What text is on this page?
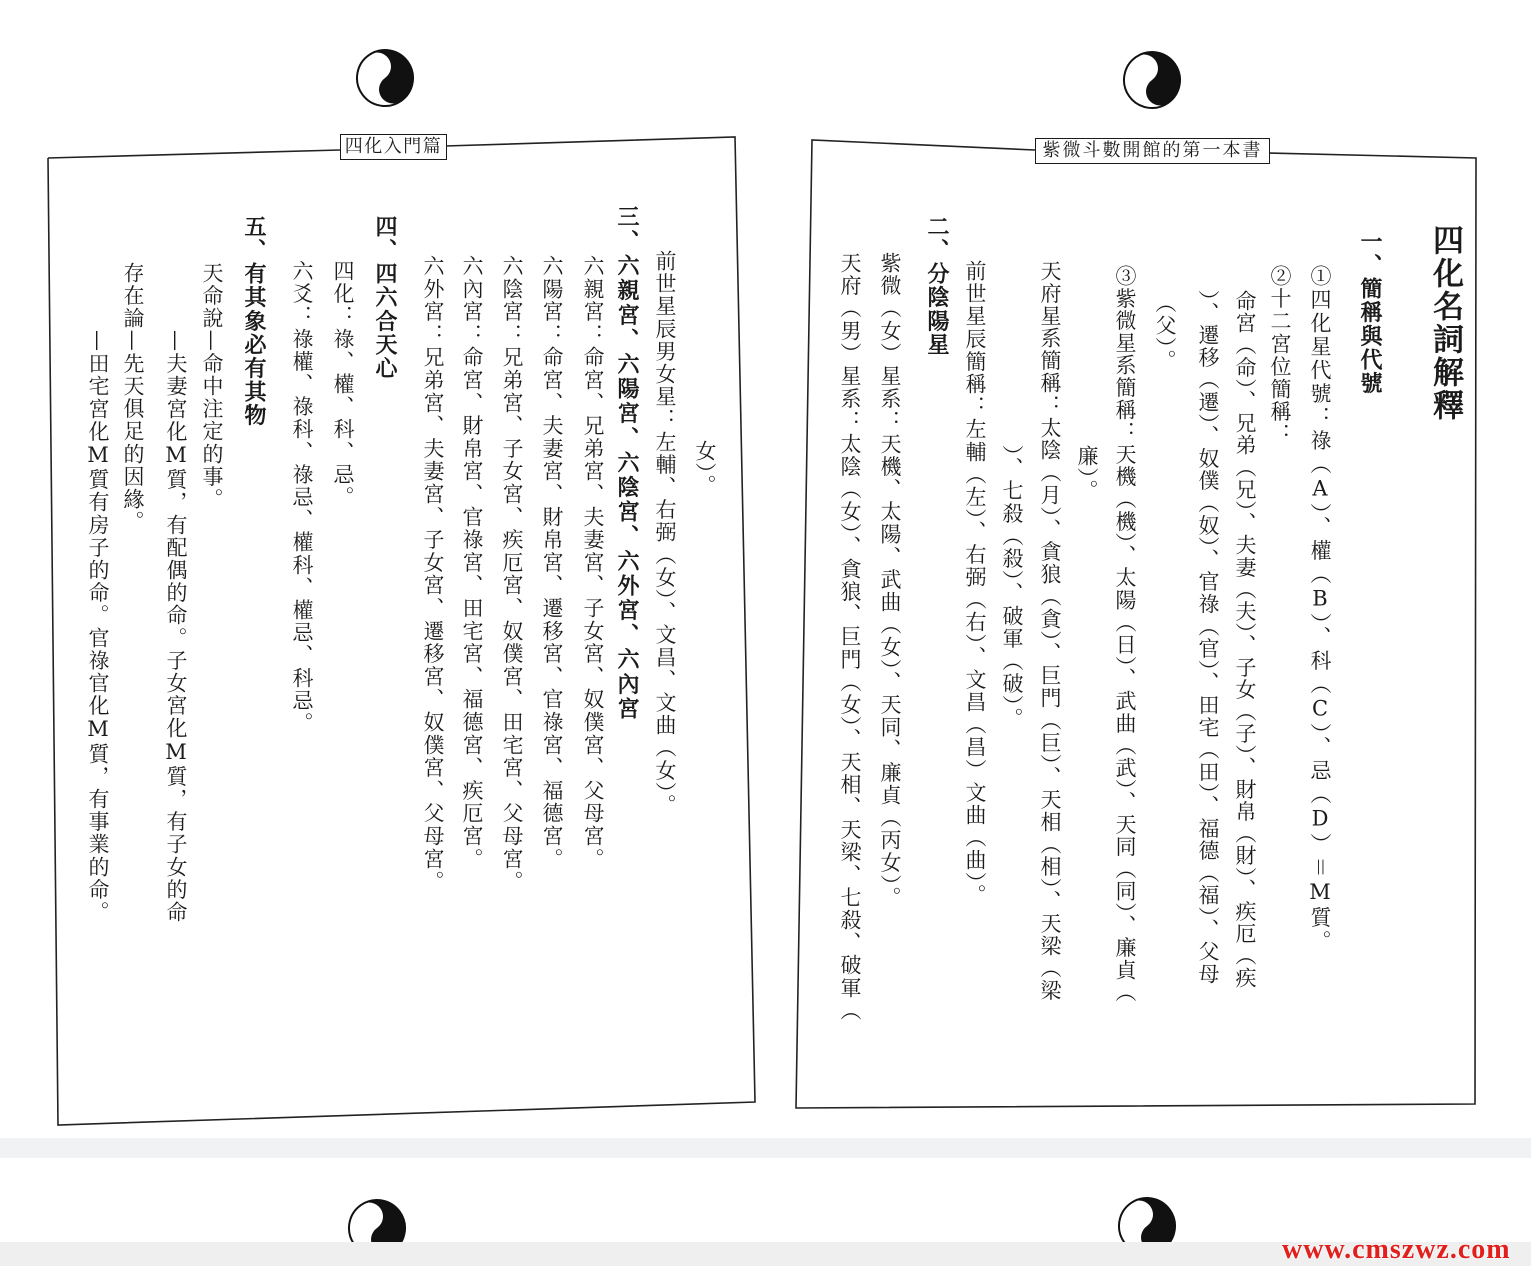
四化入門篇	紫微斗數開館的第一本書
四化名詞解釋
一、簡稱與代號
①四化星代號：祿（A）、權（B）、科（C）、忌（D）＝M質。
②十二宮位簡稱：
命宮（命）、兄弟（兄）、夫妻（夫）、子女（子）、財帛（財）、疾厄（疾
）、遷移（遷）、奴僕（奴）、官祿（官）、田宅（田）、福德（福）、父母
（父）。
③紫微星系簡稱：天機（機）、太陽（日）、武曲（武）、天同（同）、廉貞（
廉）。
天府星系簡稱：太陰（月）、貪狼（貪）、巨門（巨）、天相（相）、天梁（梁
）、七殺（殺）、破軍（破）。
前世星辰簡稱：左輔（左）、右弼（右）、文昌（昌）文曲（曲）。
二、分陰陽星
紫微（女）星系：天機、太陽、武曲（女）、天同、廉貞（丙女）。
天府（男）星系：太陰（女）、貪狼、巨門（女）、天相、天梁、七殺、破軍（
女）。
前世星辰男女星：左輔、右弼（女）、文昌、文曲（女）。
三、六親宮、六陽宮、六陰宮、六外宮、六內宮
六親宮：命宮、兄弟宮、夫妻宮、子女宮、奴僕宮、父母宮。
六陽宮：命宮、夫妻宮、財帛宮、遷移宮、官祿宮、福德宮。
六陰宮：兄弟宮、子女宮、疾厄宮、奴僕宮、田宅宮、父母宮。
六內宮：命宮、財帛宮、官祿宮、田宅宮、福德宮、疾厄宮。
六外宮：兄弟宮、夫妻宮、子女宮、遷移宮、奴僕宮、父母宮。
四、四六合天心
四化：祿、權、科、忌。
六爻：祿權、祿科、祿忌、權科、權忌、科忌。
五、有其象必有其物
天命說—命中注定的事。
—夫妻宮化M質，有配偶的命。子女宮化M質，有子女的命
存在論—先天俱足的因緣。
—田宅宮化M質有房子的命。官祿官化M質，有事業的命。
www.cmszwz.com
